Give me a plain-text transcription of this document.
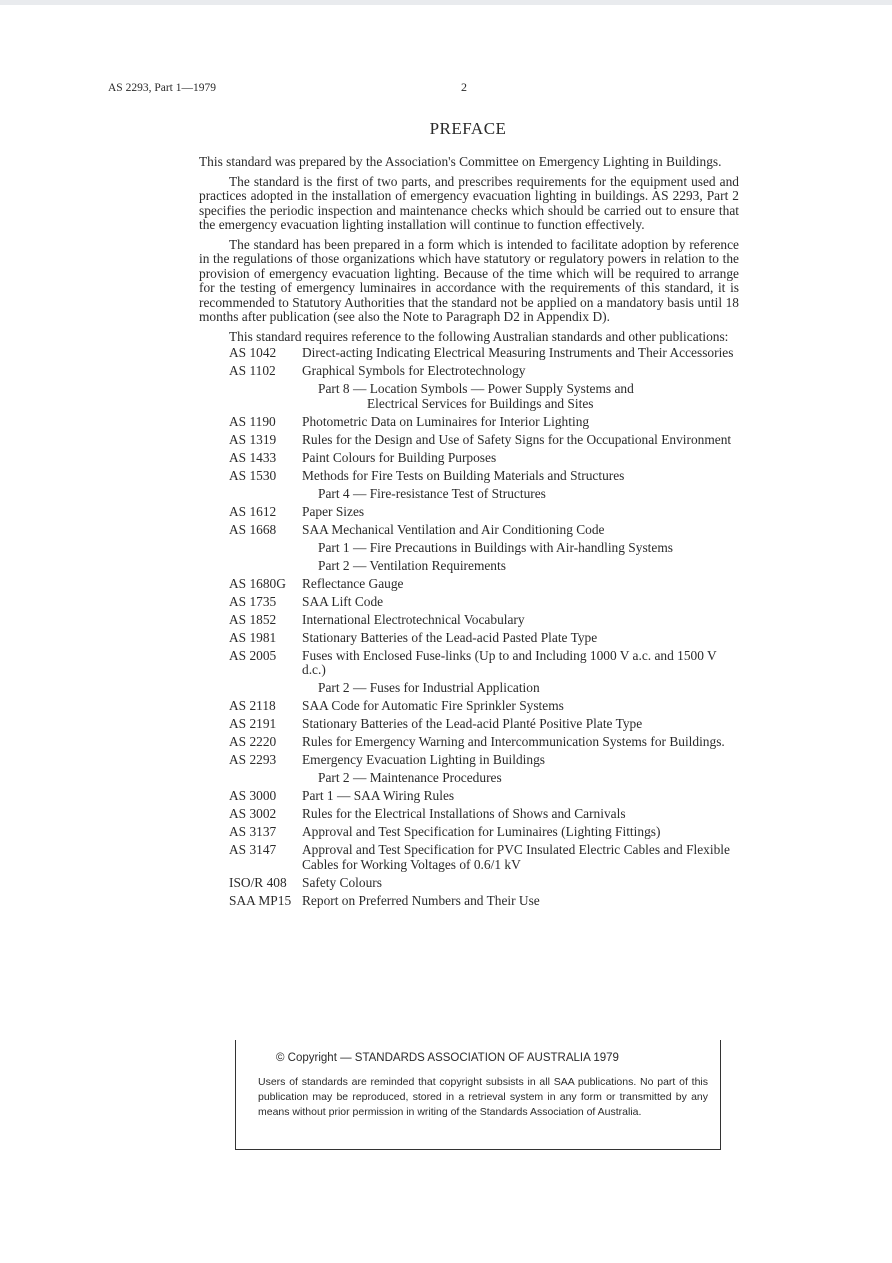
AS 2293, Part 1—1979	2
PREFACE

This standard was prepared by the Association's Committee on Emergency Lighting in Buildings.

The standard is the first of two parts, and prescribes requirements for the equipment used and practices adopted in the installation of emergency evacuation lighting in buildings. AS 2293, Part 2 specifies the periodic inspection and maintenance checks which should be carried out to ensure that the emergency evacuation lighting installation will continue to function effectively.

The standard has been prepared in a form which is intended to facilitate adoption by reference in the regulations of those organizations which have statutory or regulatory powers in relation to the provision of emergency evacuation lighting. Because of the time which will be required to arrange for the testing of emergency luminaires in accordance with the requirements of this standard, it is recommended to Statutory Authorities that the standard not be applied on a mandatory basis until 18 months after publication (see also the Note to Paragraph D2 in Appendix D).

This standard requires reference to the following Australian standards and other publications:

AS 1042	Direct-acting Indicating Electrical Measuring Instruments and Their Accessories
AS 1102	Graphical Symbols for Electrotechnology
Part 8 — Location Symbols — Power Supply Systems and
Electrical Services for Buildings and Sites
AS 1190	Photometric Data on Luminaires for Interior Lighting
AS 1319	Rules for the Design and Use of Safety Signs for the Occupational Environment
AS 1433	Paint Colours for Building Purposes
AS 1530	Methods for Fire Tests on Building Materials and Structures
Part 4 — Fire-resistance Test of Structures
AS 1612	Paper Sizes
AS 1668	SAA Mechanical Ventilation and Air Conditioning Code
Part 1 — Fire Precautions in Buildings with Air-handling Systems
Part 2 — Ventilation Requirements
AS 1680G	Reflectance Gauge
AS 1735	SAA Lift Code
AS 1852	International Electrotechnical Vocabulary
AS 1981	Stationary Batteries of the Lead-acid Pasted Plate Type
AS 2005	Fuses with Enclosed Fuse-links (Up to and Including 1000 V a.c. and 1500 V d.c.)
Part 2 — Fuses for Industrial Application
AS 2118	SAA Code for Automatic Fire Sprinkler Systems
AS 2191	Stationary Batteries of the Lead-acid Planté Positive Plate Type
AS 2220	Rules for Emergency Warning and Intercommunication Systems for Buildings.
AS 2293	Emergency Evacuation Lighting in Buildings
Part 2 — Maintenance Procedures
AS 3000	Part 1 — SAA Wiring Rules
AS 3002	Rules for the Electrical Installations of Shows and Carnivals
AS 3137	Approval and Test Specification for Luminaires (Lighting Fittings)
AS 3147	Approval and Test Specification for PVC Insulated Electric Cables and Flexible Cables for Working Voltages of 0.6/1 kV
ISO/R 408	Safety Colours
SAA MP15 Report on Preferred Numbers and Their Use
© Copyright — STANDARDS ASSOCIATION OF AUSTRALIA 1979
Users of standards are reminded that copyright subsists in all SAA publications. No part of this publication may be reproduced, stored in a retrieval system in any form or transmitted by any means without prior permission in writing of the Standards Association of Australia.
